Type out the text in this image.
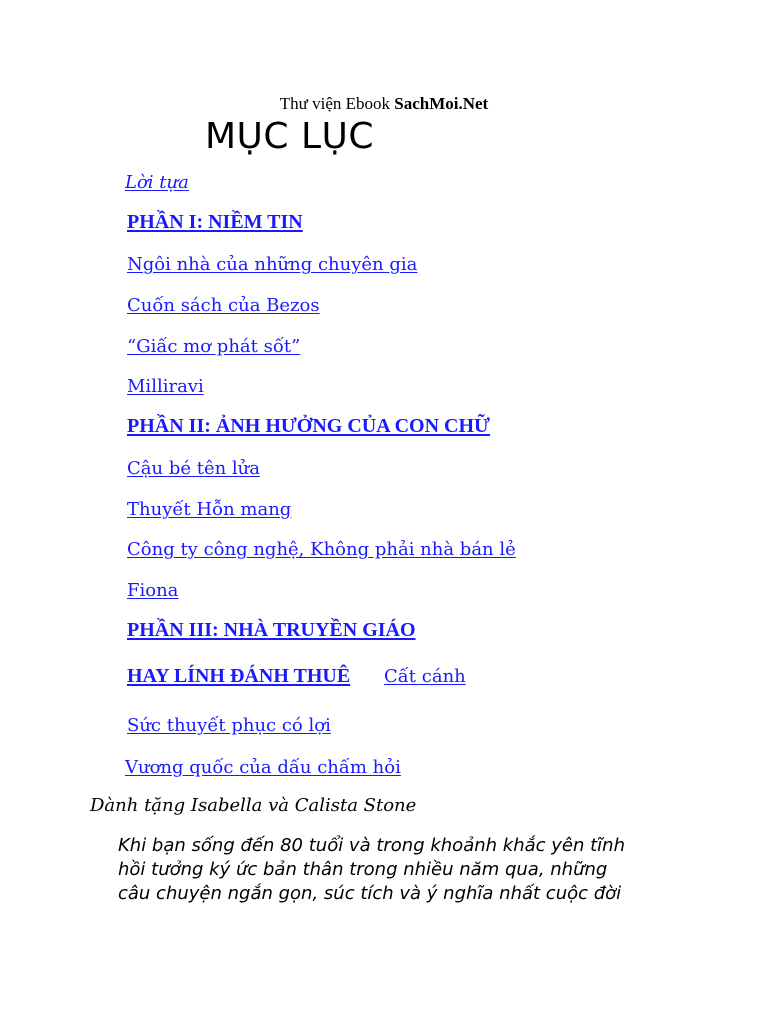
Thư viện Ebook SachMoi.Net
MỤC LỤC
Lời tựa
PHẦN I: NIỀM TIN
Ngôi nhà của những chuyên gia
Cuốn sách của Bezos
“Giấc mơ phát sốt”
Milliravi
PHẦN II: ẢNH HƯỞNG CỦA CON CHỮ
Cậu bé tên lửa
Thuyết Hỗn mang
Công ty công nghệ, Không phải nhà bán lẻ
Fiona
PHẦN III: NHÀ TRUYỀN GIÁO
HAY LÍNH ĐÁNH THUÊ Cất cánh
Sức thuyết phục có lợi
Vương quốc của dấu chấm hỏi
Dành tặng Isabella và Calista Stone
Khi bạn sống đến 80 tuổi và trong khoảnh khắc yên tĩnh
hồi tưởng ký ức bản thân trong nhiều năm qua, những
câu chuyện ngắn gọn, súc tích và ý nghĩa nhất cuộc đời
